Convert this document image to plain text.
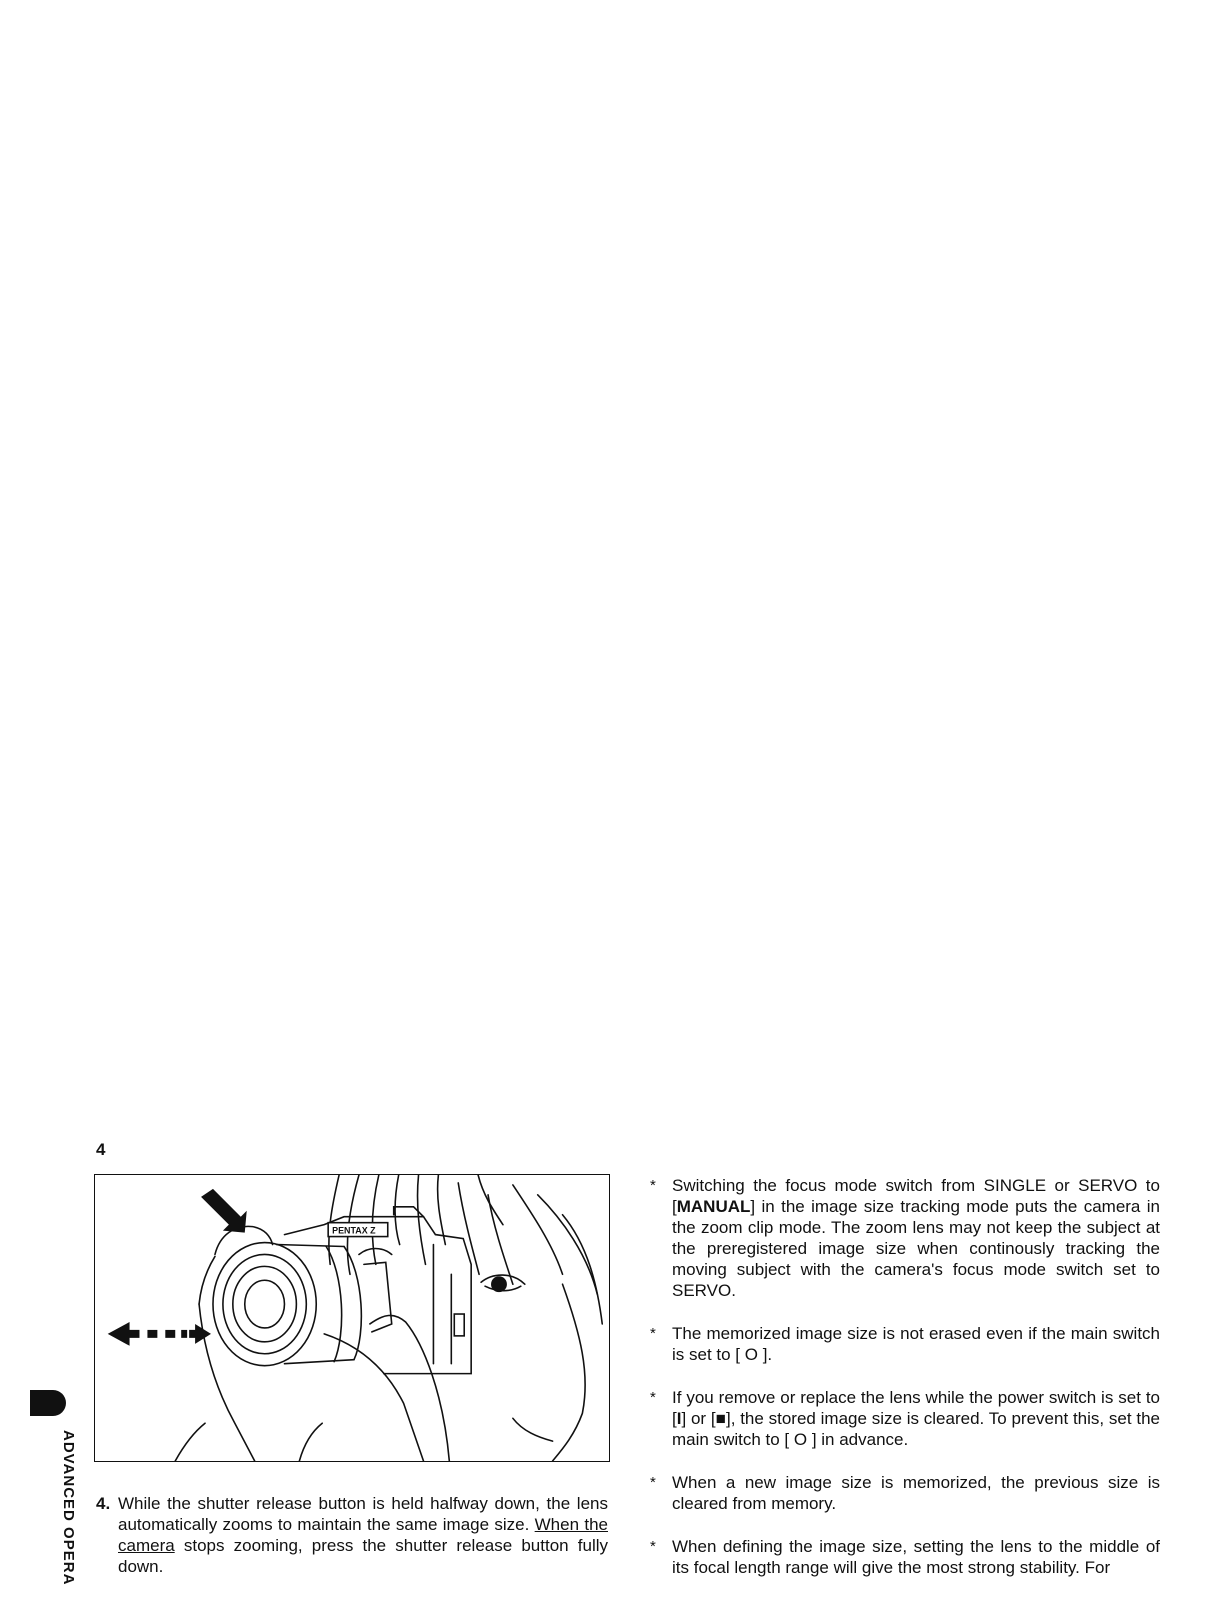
4
PENTAX Z
4. While the shutter release button is held halfway down, the lens automatically zooms to maintain the same image size. When the camera stops zooming, press the shutter release button fully down.
* Switching the focus mode switch from SINGLE or SERVO to [MANUAL] in the image size tracking mode puts the camera in the zoom clip mode. The zoom lens may not keep the subject at the preregistered image size when continously tracking the moving subject with the camera's focus mode switch set to SERVO.
* The memorized image size is not erased even if the main switch is set to [ O ].
* If you remove or replace the lens while the power switch is set to [I] or [■], the stored image size is cleared. To prevent this, set the main switch to [ O ] in advance.
* When a new image size is memorized, the previous size is cleared from memory.
* When defining the image size, setting the lens to the middle of its focal length range will give the most strong stability. For
ADVANCED OPERA
